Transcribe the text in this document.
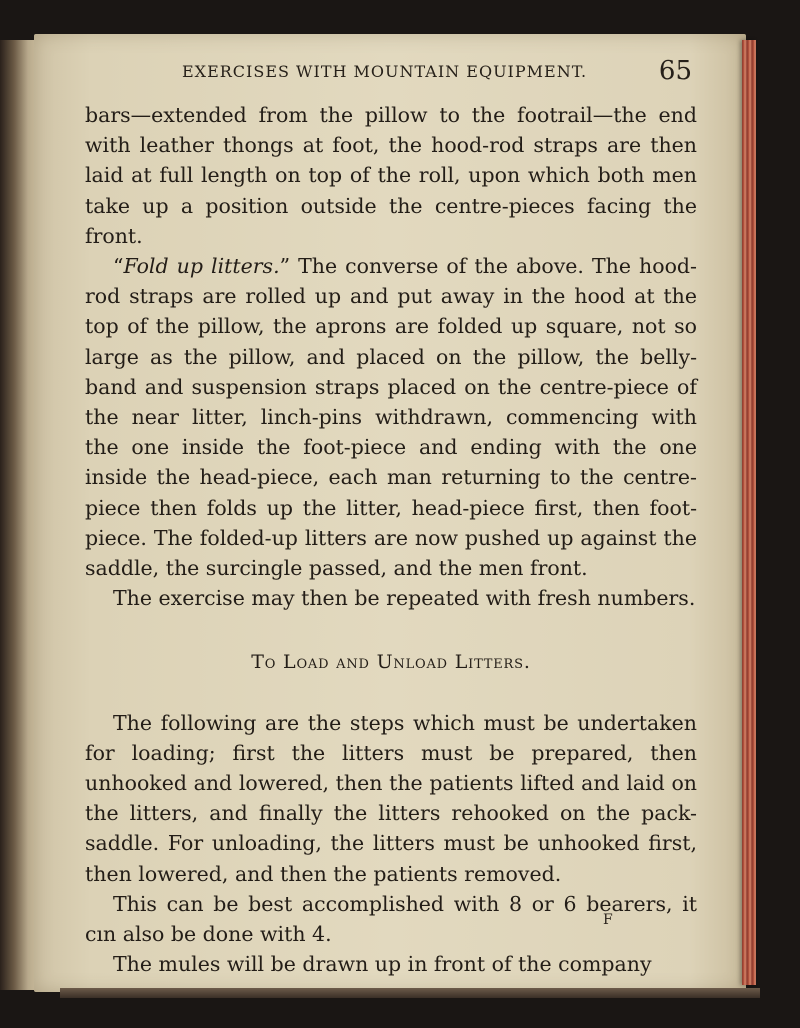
EXERCISES WITH MOUNTAIN EQUIPMENT.	65

bars—extended from the pillow to the footrail—the end with leather thongs at foot, the hood-rod straps are then laid at full length on top of the roll, upon which both men take up a position outside the centre-pieces facing the front.

“Fold up litters.” The converse of the above. The hood-rod straps are rolled up and put away in the hood at the top of the pillow, the aprons are folded up square, not so large as the pillow, and placed on the pillow, the belly-band and suspension straps placed on the centre-piece of the near litter, linch-pins withdrawn, commencing with the one inside the foot-piece and ending with the one inside the head-piece, each man returning to the centre-piece then folds up the litter, head-piece first, then foot-piece. The folded-up litters are now pushed up against the saddle, the surcingle passed, and the men front.

The exercise may then be repeated with fresh numbers.

To Load and Unload Litters.

The following are the steps which must be undertaken for loading; first the litters must be prepared, then unhooked and lowered, then the patients lifted and laid on the litters, and finally the litters rehooked on the pack-saddle. For unloading, the litters must be unhooked first, then lowered, and then the patients removed.

This can be best accomplished with 8 or 6 bearers, it cın also be done with 4.

The mules will be drawn up in front of the company

F
